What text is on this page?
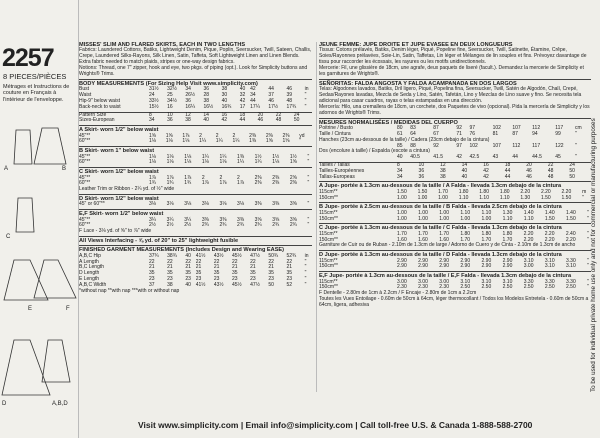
2257
8 PIECES/PIÈCES
Métrages et Instructions de couture en Français à l'intérieur de l'enveloppe.
A	B
C
E	F
D	A,B,D
MISSES' SLIM AND FLARED SKIRTS, EACH IN TWO LENGTHS
Fabrics: Laundered Cottons, Batiks, Lightweight Denim, Pique, Poplin, Seersucker, Twill, Sateen, Challis, Crepe, Laundered Silks-Rayons, Silk Linen, Satin, Taffeta, Soft Lightweight Linen and Linen Blends. Extra fabric needed to match plaids, stripes or one-way design fabrics.
Notions: Thread, one 7" zipper, hook and eye, two pkgs. of piping (opt.). Look for Simplicity buttons and Wrights® Trims.
BODY MEASUREMENTS (For Sizing Help Visit www.simplicity.com)
Bust	31½	32½	34	36	38	40	42	44	46	in
Waist	24	25	26½	28	30	32	34	37	39	"
Hip-9" below waist	33½	34½	36	38	40	42	44	46	48	"
Back-neck to waist	15½	16	16¼	16½	16¾	17	17¼	17½	17¾	"
Pattern Size	8	10	12	14	16	18	20	22	24
Sizes-European	34	36	38	40	42	44	46	48	50
A Skirt- worn 1/2" below waist
45"**	1⅝	1⅝	1⅞	2	2	2	2⅜	2⅜	2⅜	yd
60"**	1⅛	1⅛	1⅛	1¼	1¼	1¼	1⅜	1⅝	1⅝	"
B Skirt- worn 1" below waist
45"**	1⅛	1⅛	1⅛	1¼	1¼	1⅜	1½	1½	1½	"
60"**	1⅛	1⅛	1⅛	1⅛	1⅛	1¼	1¼	1⅛	1⅝	"
C Skirt- worn 1/2" below waist
45"**	1⅞	1⅞	1⅞	2	2	2	2⅜	2⅜	2⅝	"
60"**	1¾	1¾	1¾	1⅞	1⅞	1⅞	2⅜	2⅜	2⅜	"
Leather Trim or Ribbon - 2¼ yd. of ½" wide										
D Skirt- worn 1/2" below waist
45" or 60"**	3⅛	3⅛	3⅛	3⅛	3⅛	3⅛	3⅜	3⅜	3⅝	"
E,F Skirt- worn 1/2" below waist
45"**	3¼	3¼	3¼	3⅜	3⅜	3⅜	3⅝	3⅝	3⅝	"
60"**	2½	2½	2½	2¾	2¾	2¾	2¾	2¾	2¾	"
F Lace - 3⅛ yd. of ⅝" to ⅞" wide										
All Views Interfacing - ⅝ yd. of 20" to 25" lightweight fusible
FINISHED GARMENT MEASUREMENTS (Includes Design and Wearing EASE)
A,B,C Hip	37¾	38¾	40	41½	43½	45½	47½	50¾	52¾	in
A Length	22	22	22	22	22	22	22	22	22	"
B,C Length	21	21	21	21	21	21	21	21	21	"
D Length	35	35	35	35	35	35	35	35	35	"
E Length	23	23	23	23	23	23	23	23	23	"
A,B,C Width	37	38	40	41½	43½	45½	47½	50	52	"
*without nap **with nap ***with or without nap
JEUNE FEMME: JUPE DROITE ET JUPE ÉVASÉE EN DEUX LONGUEURS
Tissus: Cotons prélavés, Batiks, Denim léger, Piqué, Popeline fine, Seersucker, Twill, Satinette, Étamine, Crêpe, Soies/Rayonnes prélavées, Soie-Lin, Satin, Taffetas, Lin léger et Mélanges de lin souples et fins. Prévoyez davantage de tissu pour raccorder les écossais, les rayures ou les motifs unidirectionnels.
Mercerie: Fil, une glissière de 18cm, une agrafe, deux paquets de liseré (facult.). Demandez la mercerie de Simplicity et les garnitures de Wrights®.
SEÑORITAS: FALDA ANGOSTA Y FALDA ACAMPANADA EN DOS LARGOS
Telas: Algodones lavados, Batiks, Dril ligero, Piqué, Popelina fina, Seersucker, Twill, Satén de Algodón, Chalí, Crepé, Sedas/Rayones lavadas, Mezcla de Seda y Lino, Satén, Tafetán, Lino y Mezclas de Lino suave y fino. Se necesita tela adicional para casar cuadros, rayas o telas estampadas en una dirección.
Mercería: Hilo, una cremallera de 18cm, un corchete, dos Paquetes de vivo (opcional). Pida la mercería de Simplicity y los adornos de Wrights® Trims.
MESURES NORMALISÉES / MEDIDAS DEL CUERPO
Poitrine / Busto	80	83	87	92	97	102	107	112	117	cm
Taille / Cintura	61	64	67	71	76	81	87	94	99	"
Hanches (23cm au-dessous de la taille) / Cadera (23cm debajo de la cintura)										
	85	88	92	97	102	107	112	117	122	"
Dos (encolure à taille) / Espalda (escote a cintura)										
	40	40.5	41.5	42	42.5	43	44	44.5	45	"
Tailles / Tallas	8	10	12	14	16	18	20	22	24
Tailles-Européennes	34	36	38	40	42	44	46	48	50
Tallas-Europeas	34	36	38	40	42	44	46	48	50
A Jupe- portée à 1.3cm au-dessous de la taille / A Falda - llevada 1.3cm debajo de la cintura
115cm**	1.50	1.50	1.70	1.80	1.80	1.80	2.20	2.20	2.20	m
150cm**	1.00	1.00	1.00	1.10	1.10	1.10	1.30	1.50	1.50	"
B Jupe- portée à 2.5cm au-dessous de la taille / B Falda - llevada 2.5cm debajo de la cintura
115cm**	1.00	1.00	1.00	1.10	1.10	1.30	1.40	1.40	1.40	"
150cm**	1.00	1.00	1.00	1.00	1.00	1.10	1.10	1.50	1.50	"
C Jupe- portée à 1.3cm au-dessous de la taille / C Falda - llevada 1.3cm debajo de la cintura
115cm**	1.70	1.70	1.70	1.80	1.80	1.80	2.20	2.20	2.40	"
150cm**	1.60	1.60	1.60	1.70	1.70	1.70	2.20	2.20	2.20	"
Garniture de Cuir ou de Ruban - 2.10m de 1.3cm de large / Adorno de Cuero y de Cinta - 2.10m de 1.3cm de ancho										
D Jupe- portée à 1.3cm au-dessous de la taille / D Falda - llevada 1.3cm debajo de la cintura
115cm**	2.90	2.90	2.90	2.90	2.90	2.90	3.10	3.10	3.30	"
150cm**	2.90	2.90	2.90	2.90	2.90	2.90	3.00	3.10	3.10	"
E,F Jupe- portée à 1.3cm au-dessous de la taille / E,F Falda - llevada 1.3cm debajo de la cintura
115cm**	3.00	3.00	3.00	3.10	3.10	3.10	3.30	3.30	3.30	"
150cm**	2.30	2.30	2.30	2.50	2.50	2.50	2.50	2.50	2.50	"
F Dentelle - 2.80m de 1cm à 2.2cm / F Encaje - 2.80m de 1cm a 2.2cm
Toutes les Vues Entoilage - 0.60m de 50cm à 64cm, léger thermocollant / Todos los Modelos Entretela - 0.60m de 50cm a 64cm, ligera, adhesiva	To be used for individual private home use only and not for commercial or manufacturing purposes
Visit www.simplicity.com | Email info@simplicity.com | Call toll-free U.S. & Canada 1-888-588-2700
